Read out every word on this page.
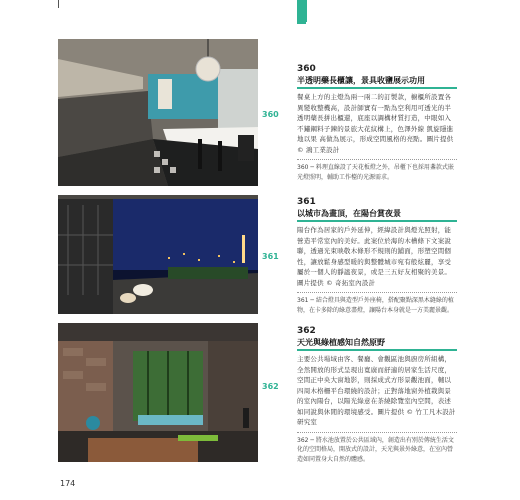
360
361
362
360
半透明藥長櫃讓，景具收鹽展示功用
餐桌上方的主燈為兩一兩二的訂製款，櫥櫃所設置各異變收整機高，設計師實有一點為空利用可透光的半透明藥長拼出櫃還，底座以調構材質打造，中眼如入不鏽鋼料子鍊的景旅大花紋構上，色澤外線 凱旋隱進地以果 高做為展示，形成空間風格的亮點。圖片提供 © 鴻工業設計
360 ─ 料理直線設了天花板燈之外，吊櫃下也採用盞款式嵌光燈照明，輔助工作檯的光源需求。
361
以城市為畫頂，在陽台賞夜景
陽台作為居家的戶外延伸，經緯設計與燈光照射，能營造平常室內的美好。此案位於海的木槽條下文案說聯，透過光束映敬木條形不規則的鋪面，形塑空間個性，讓放鬆身感型暖的與整體城市宛有般炫麗，享受屬於一個人的靜謐夜景，或是三五好友相聚的美景。圖片提供 © 奇拓室內設計
361 ─ 結合燈具與造型戶外座椅，搭配聚點深黑木縫綠的植物，在卡多除的綠意盡燈，讓陽台本身就是一方美麗景觀。
362
天光與綠植感知自然原野
主要公共場域由客、餐廳、會觀區池與廚房所組構，全然開放的形式呈現出寬廣而舒適的居家生活尺度，空間正中央大窗地影，則採成式方形景觀池面，輔以四周木格柵平台環繞的設計；正對落地窗外植栽與景的室內陽台，以陽光綠意在茶繞除覽室內空間，表述如同說與休閒的環境感受。圖片提供 © 竹工凡木設計研究室
362 ─ 將水池放置於公共區域內，創造出有別於傳統生活文化的空間格局，開放式的設計，天光與景外綠意，在室內營造如同置身大自然的體感。
174
